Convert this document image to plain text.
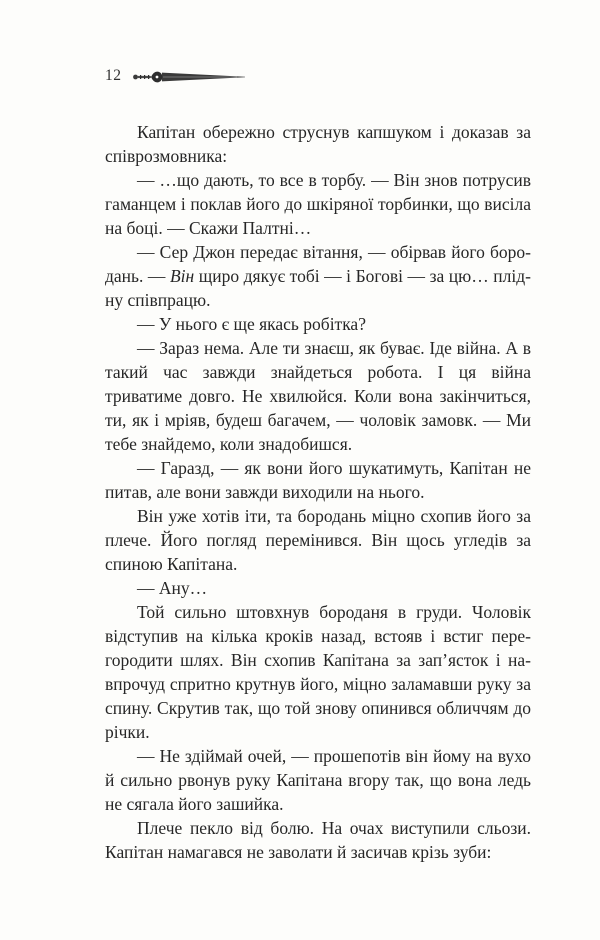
12

Капітан обережно струснув капшуком і доказав за співрозмовника:

— …що дають, то все в торбу. — Він знов потрусив гаманцем і поклав його до шкіряної торбинки, що висіла на боці. — Скажи Палтні…

— Сер Джон передає вітання, — обірвав його бородань. — Він щиро дякує тобі — і Богові — за цю… плідну співпрацю.

— У нього є ще якась робітка?

— Зараз нема. Але ти знаєш, як буває. Іде війна. А в такий час завжди знайдеться робота. І ця війна триватиме довго. Не хвилюйся. Коли вона закінчиться, ти, як і мріяв, будеш багачем, — чоловік замовк. — Ми тебе знайдемо, коли знадобишся.

— Гаразд, — як вони його шукатимуть, Капітан не питав, але вони завжди виходили на нього.

Він уже хотів іти, та бородань міцно схопив його за плече. Його погляд перемінився. Він щось угледів за спиною Капітана.

— Ану…

Той сильно штовхнув бороданя в груди. Чоловік відступив на кілька кроків назад, встояв і встиг перегородити шлях. Він схопив Капітана за зап’ясток і навпрочуд спритно крутнув його, міцно заламавши руку за спину. Скрутив так, що той знову опинився обличчям до річки.

— Не здіймай очей, — прошепотів він йому на вухо й сильно рвонув руку Капітана вгору так, що вона ледь не сягала його зашийка.

Плече пекло від болю. На очах виступили сльози. Капітан намагався не заволати й засичав крізь зуби:
